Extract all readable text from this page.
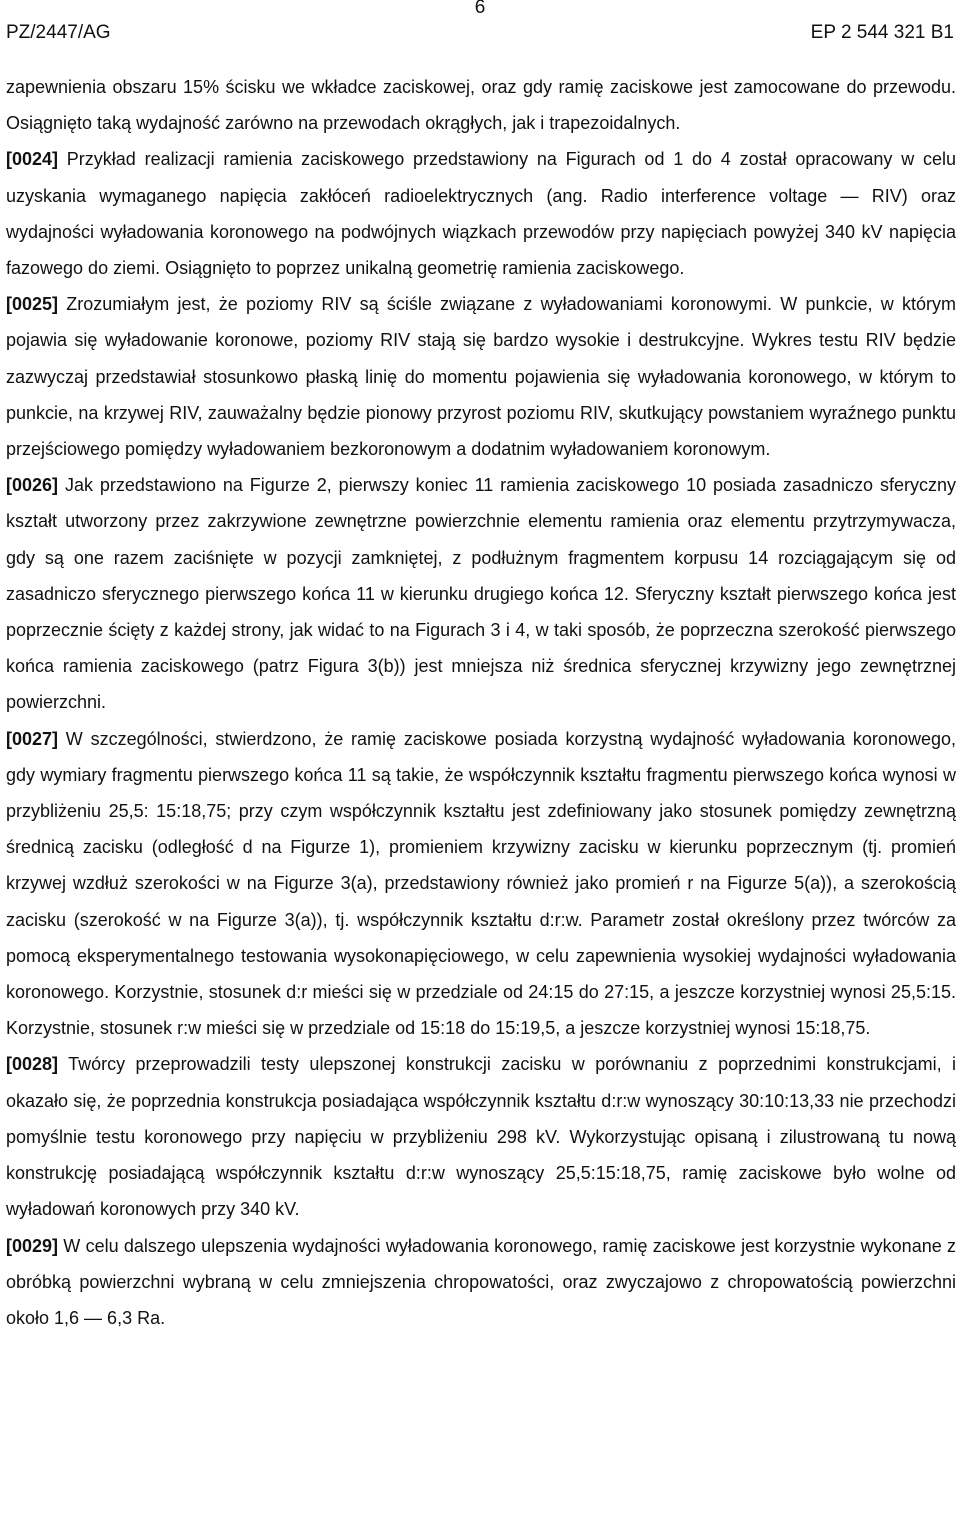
6
PZ/2447/AG	EP 2 544 321 B1

zapewnienia obszaru 15% ścisku we wkładce zaciskowej, oraz gdy ramię zaciskowe jest zamocowane do przewodu. Osiągnięto taką wydajność zarówno na przewodach okrągłych, jak i trapezoidalnych.

[0024] Przykład realizacji ramienia zaciskowego przedstawiony na Figurach od 1 do 4 został opracowany w celu uzyskania wymaganego napięcia zakłóceń radioelektrycznych (ang. Radio interference voltage — RIV) oraz wydajności wyładowania koronowego na podwójnych wiązkach przewodów przy napięciach powyżej 340 kV napięcia fazowego do ziemi. Osiągnięto to poprzez unikalną geometrię ramienia zaciskowego.

[0025] Zrozumiałym jest, że poziomy RIV są ściśle związane z wyładowaniami koronowymi. W punkcie, w którym pojawia się wyładowanie koronowe, poziomy RIV stają się bardzo wysokie i destrukcyjne. Wykres testu RIV będzie zazwyczaj przedstawiał stosunkowo płaską linię do momentu pojawienia się wyładowania koronowego, w którym to punkcie, na krzywej RIV, zauważalny będzie pionowy przyrost poziomu RIV, skutkujący powstaniem wyraźnego punktu przejściowego pomiędzy wyładowaniem bezkoronowym a dodatnim wyładowaniem koronowym.

[0026] Jak przedstawiono na Figurze 2, pierwszy koniec 11 ramienia zaciskowego 10 posiada zasadniczo sferyczny kształt utworzony przez zakrzywione zewnętrzne powierzchnie elementu ramienia oraz elementu przytrzymywacza, gdy są one razem zaciśnięte w pozycji zamkniętej, z podłużnym fragmentem korpusu 14 rozciągającym się od zasadniczo sferycznego pierwszego końca 11 w kierunku drugiego końca 12. Sferyczny kształt pierwszego końca jest poprzecznie ścięty z każdej strony, jak widać to na Figurach 3 i 4, w taki sposób, że poprzeczna szerokość pierwszego końca ramienia zaciskowego (patrz Figura 3(b)) jest mniejsza niż średnica sferycznej krzywizny jego zewnętrznej powierzchni.

[0027] W szczególności, stwierdzono, że ramię zaciskowe posiada korzystną wydajność wyładowania koronowego, gdy wymiary fragmentu pierwszego końca 11 są takie, że współczynnik kształtu fragmentu pierwszego końca wynosi w przybliżeniu 25,5: 15:18,75; przy czym współczynnik kształtu jest zdefiniowany jako stosunek pomiędzy zewnętrzną średnicą zacisku (odległość d na Figurze 1), promieniem krzywizny zacisku w kierunku poprzecznym (tj. promień krzywej wzdłuż szerokości w na Figurze 3(a), przedstawiony również jako promień r na Figurze 5(a)), a szerokością zacisku (szerokość w na Figurze 3(a)), tj. współczynnik kształtu d:r:w. Parametr został określony przez twórców za pomocą eksperymentalnego testowania wysokonapięciowego, w celu zapewnienia wysokiej wydajności wyładowania koronowego. Korzystnie, stosunek d:r mieści się w przedziale od 24:15 do 27:15, a jeszcze korzystniej wynosi 25,5:15. Korzystnie, stosunek r:w mieści się w przedziale od 15:18 do 15:19,5, a jeszcze korzystniej wynosi 15:18,75.

[0028] Twórcy przeprowadzili testy ulepszonej konstrukcji zacisku w porównaniu z poprzednimi konstrukcjami, i okazało się, że poprzednia konstrukcja posiadająca współczynnik kształtu d:r:w wynoszący 30:10:13,33 nie przechodzi pomyślnie testu koronowego przy napięciu w przybliżeniu 298 kV. Wykorzystując opisaną i zilustrowaną tu nową konstrukcję posiadającą współczynnik kształtu d:r:w wynoszący 25,5:15:18,75, ramię zaciskowe było wolne od wyładowań koronowych przy 340 kV.

[0029] W celu dalszego ulepszenia wydajności wyładowania koronowego, ramię zaciskowe jest korzystnie wykonane z obróbką powierzchni wybraną w celu zmniejszenia chropowatości, oraz zwyczajowo z chropowatością powierzchni około 1,6 — 6,3 Ra.
